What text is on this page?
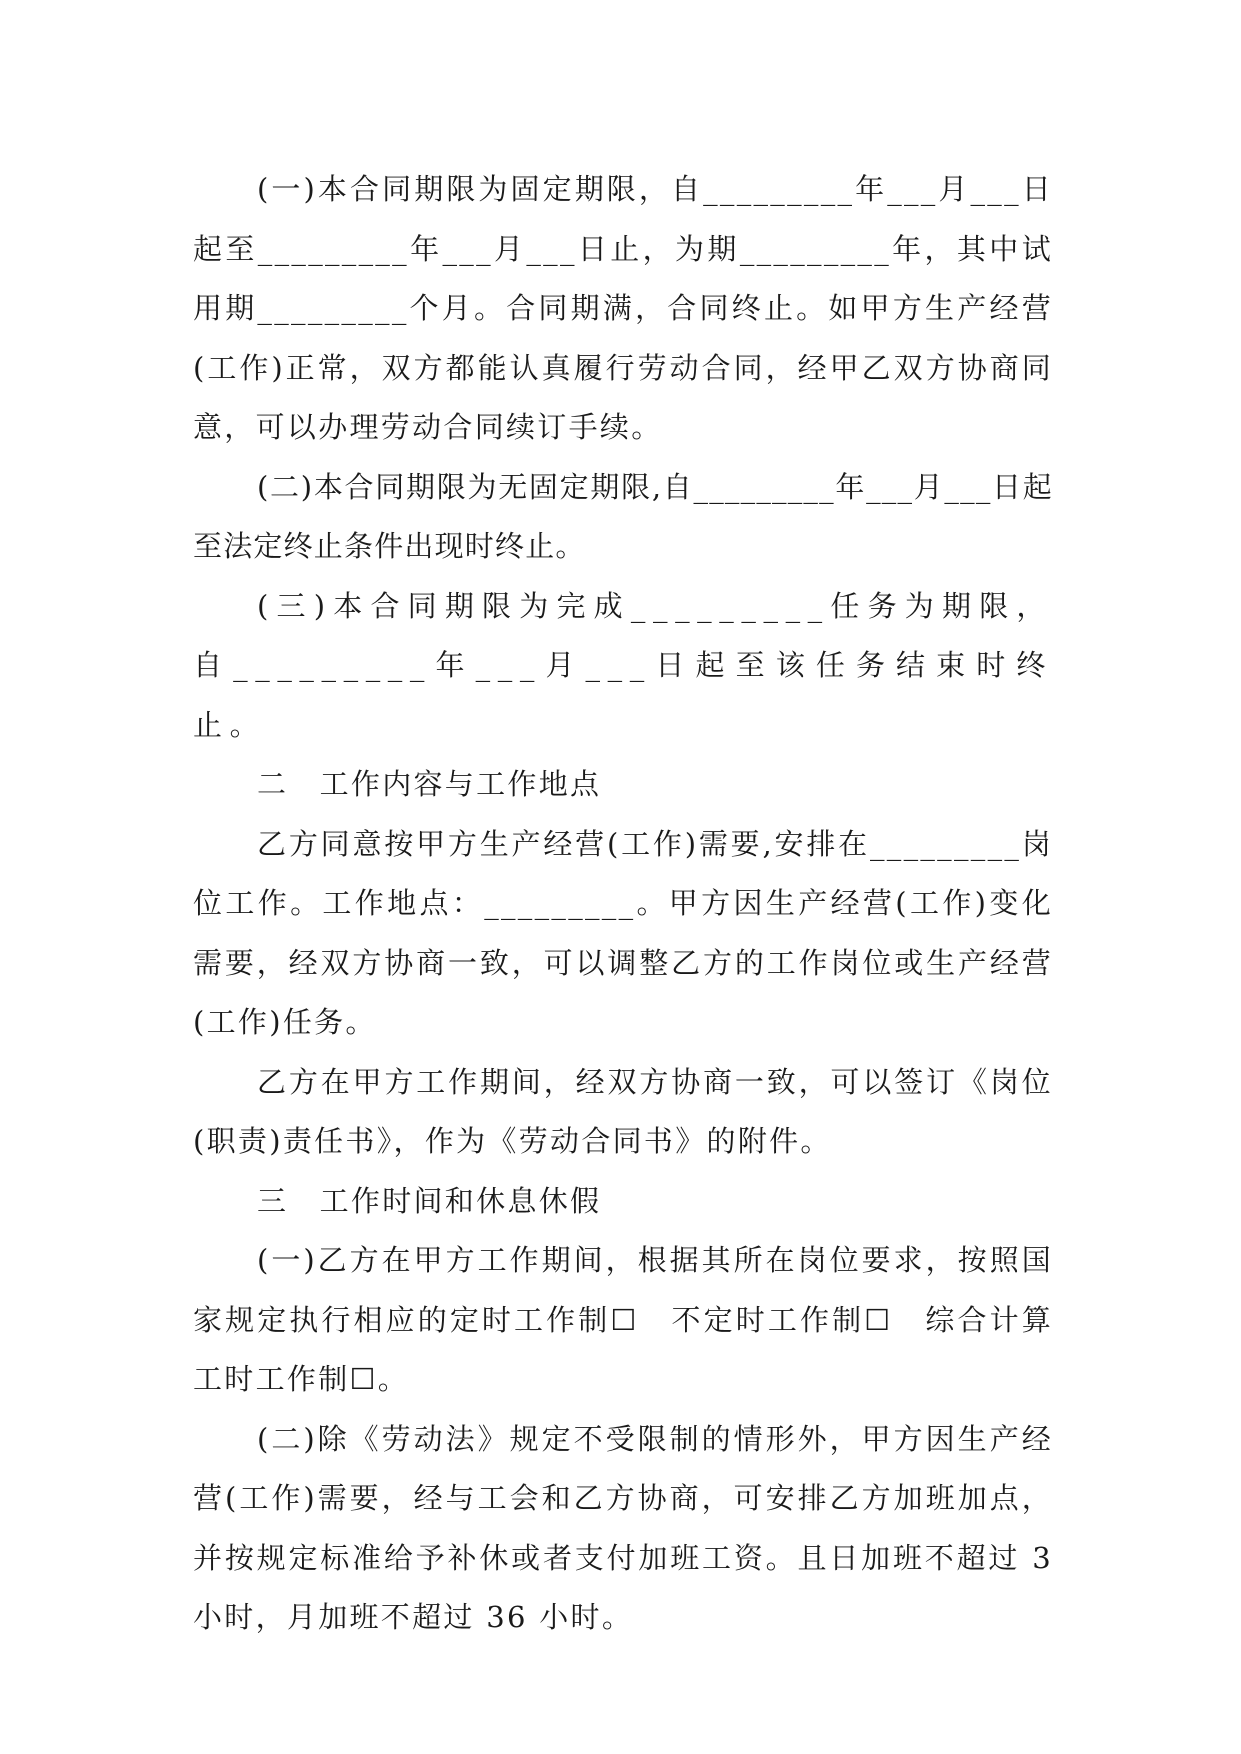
(一)本合同期限为固定期限，自_________年___月___日起至_________年___月___日止，为期_________年，其中试用期_________个月。合同期满，合同终止。如甲方生产经营(工作)正常，双方都能认真履行劳动合同，经甲乙双方协商同意，可以办理劳动合同续订手续。

(二)本合同期限为无固定期限,自_________年___月___日起至法定终止条件出现时终止。

(三)本合同期限为完成_________任务为期限，自_________年___月___日起至该任务结束时终止。

二　工作内容与工作地点

乙方同意按甲方生产经营(工作)需要,安排在_________岗位工作。工作地点：_________。甲方因生产经营(工作)变化需要，经双方协商一致，可以调整乙方的工作岗位或生产经营(工作)任务。

乙方在甲方工作期间，经双方协商一致，可以签订《岗位(职责)责任书》，作为《劳动合同书》的附件。

三　工作时间和休息休假

(一)乙方在甲方工作期间，根据其所在岗位要求，按照国家规定执行相应的定时工作制☐　不定时工作制☐　综合计算工时工作制☐。

(二)除《劳动法》规定不受限制的情形外，甲方因生产经营(工作)需要，经与工会和乙方协商，可安排乙方加班加点，并按规定标准给予补休或者支付加班工资。且日加班不超过 3 小时，月加班不超过 36 小时。
